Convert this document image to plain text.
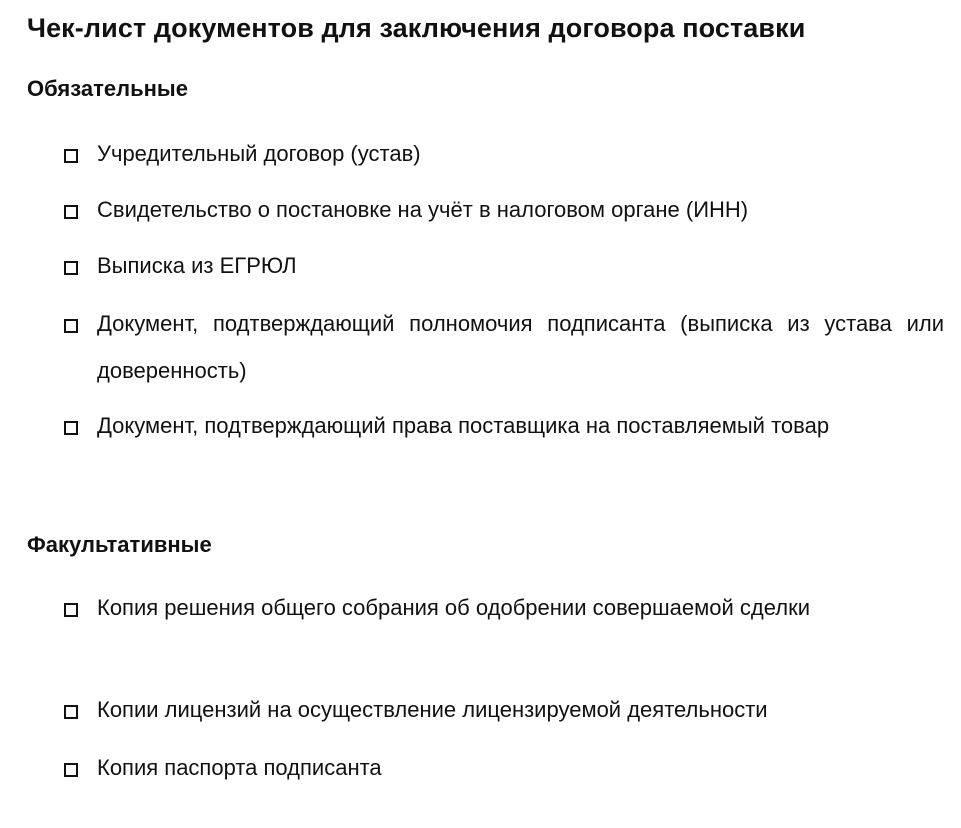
Чек-лист документов для заключения договора поставки
Обязательные
Учредительный договор (устав)
Свидетельство о постановке на учёт в налоговом органе (ИНН)
Выписка из ЕГРЮЛ
Документ, подтверждающий полномочия подписанта (выписка из устава или доверенность)
Документ, подтверждающий права поставщика на поставляемый товар
Факультативные
Копия решения общего собрания об одобрении совершаемой сделки
Копии лицензий на осуществление лицензируемой деятельности
Копия паспорта подписанта
